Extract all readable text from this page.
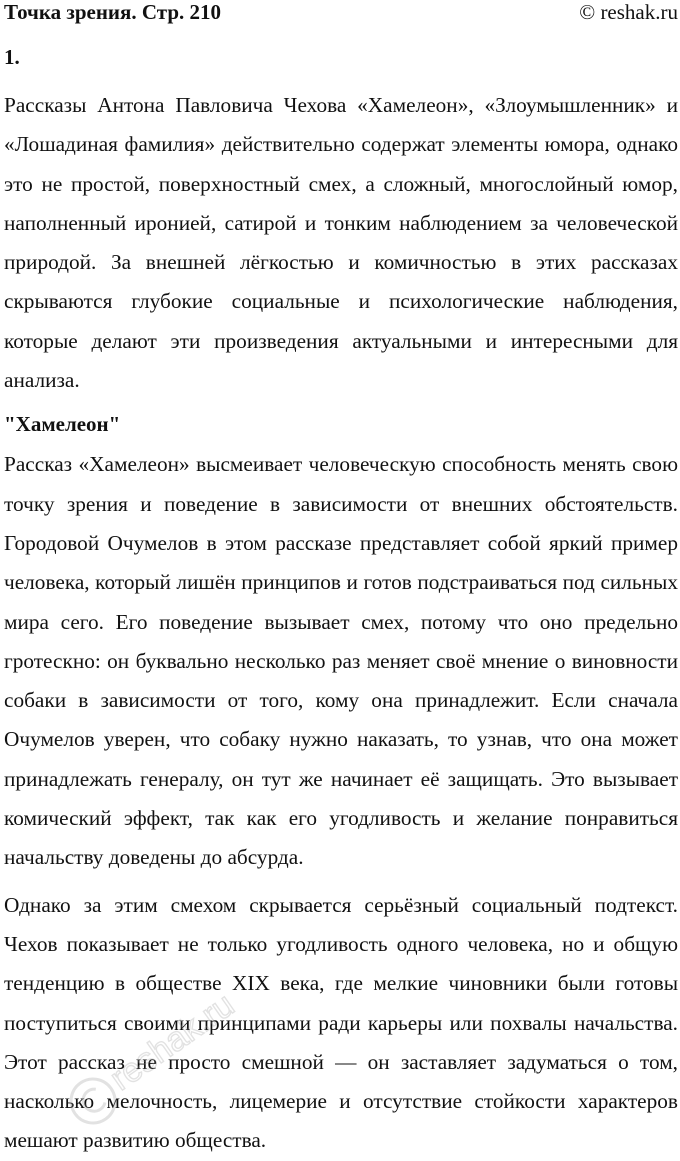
Точка зрения. Стр. 210	© reshak.ru
1.

Рассказы Антона Павловича Чехова «Хамелеон», «Злоумышленник» и «Лошадиная фамилия» действительно содержат элементы юмора, однако это не простой, поверхностный смех, а сложный, многослойный юмор, наполненный иронией, сатирой и тонким наблюдением за человеческой природой. За внешней лёгкостью и комичностью в этих рассказах скрываются глубокие социальные и психологические наблюдения, которые делают эти произведения актуальными и интересными для анализа.

"Хамелеон"

Рассказ «Хамелеон» высмеивает человеческую способность менять свою точку зрения и поведение в зависимости от внешних обстоятельств. Городовой Очумелов в этом рассказе представляет собой яркий пример человека, который лишён принципов и готов подстраиваться под сильных мира сего. Его поведение вызывает смех, потому что оно предельно гротескно: он буквально несколько раз меняет своё мнение о виновности собаки в зависимости от того, кому она принадлежит. Если сначала Очумелов уверен, что собаку нужно наказать, то узнав, что она может принадлежать генералу, он тут же начинает её защищать. Это вызывает комический эффект, так как его угодливость и желание понравиться начальству доведены до абсурда.

Однако за этим смехом скрывается серьёзный социальный подтекст. Чехов показывает не только угодливость одного человека, но и общую тенденцию в обществе XIX века, где мелкие чиновники были готовы поступиться своими принципами ради карьеры или похвалы начальства. Этот рассказ не просто смешной — он заставляет задуматься о том, насколько мелочность, лицемерие и отсутствие стойкости характеров мешают развитию общества.

reshak.ru
